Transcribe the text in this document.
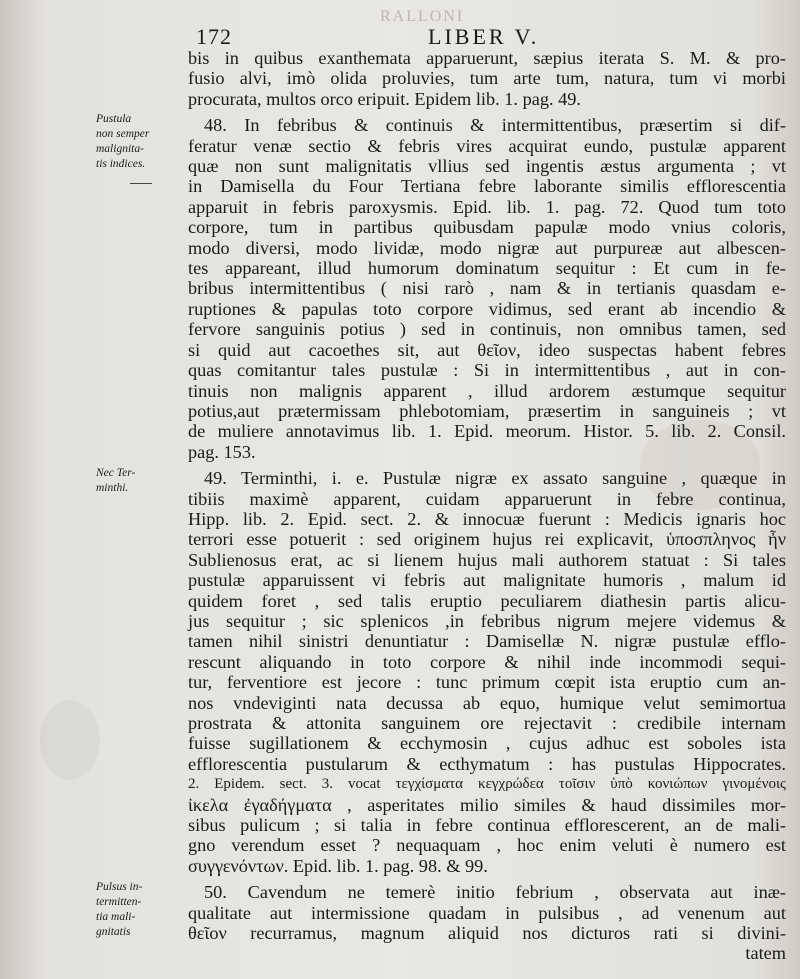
RALLONI
172	LIBER V.
Pustula
non semper
malignita-
tis indices.
Nec Ter-
minthi.
Pulsus in-
termitten-
tia mali-
gnitatis
bis in quibus exanthemata apparuerunt, sæpius iterata S. M. & pro-
fusio alvi, imò olida proluvies, tum arte tum, natura, tum vi morbi
procurata, multos orco eripuit. Epidem lib. 1. pag. 49.
48. In febribus & continuis & intermittentibus, præsertim si dif-
feratur venæ sectio & febris vires acquirat eundo, pustulæ apparent
quæ non sunt malignitatis vllius sed ingentis æstus argumenta ; vt
in Damisella du Four Tertiana febre laborante similis efflorescentia
apparuit in febris paroxysmis. Epid. lib. 1. pag. 72. Quod tum toto
corpore, tum in partibus quibusdam papulæ modo vnius coloris,
modo diversi, modo lividæ, modo nigræ aut purpureæ aut albescen-
tes appareant, illud humorum dominatum sequitur : Et cum in fe-
bribus intermittentibus ( nisi rarò , nam & in tertianis quasdam e-
ruptiones & papulas toto corpore vidimus, sed erant ab incendio &
fervore sanguinis potius ) sed in continuis, non omnibus tamen, sed
si quid aut cacoethes sit, aut θεῖον, ideo suspectas habent febres
quas comitantur tales pustulæ : Si in intermittentibus , aut in con-
tinuis non malignis apparent , illud ardorem æstumque sequitur
potius,aut prætermissam phlebotomiam, præsertim in sanguineis ; vt
de muliere annotavimus lib. 1. Epid. meorum. Histor. 5. lib. 2. Consil.
pag. 153.
49. Terminthi, i. e. Pustulæ nigræ ex assato sanguine , quæque in
tibiis maximè apparent, cuidam apparuerunt in febre continua,
Hipp. lib. 2. Epid. sect. 2. & innocuæ fuerunt : Medicis ignaris hoc
terrori esse potuerit : sed originem hujus rei explicavit, ὑποσπληνος ἦν
Sublienosus erat, ac si lienem hujus mali authorem statuat : Si tales
pustulæ apparuissent vi febris aut malignitate humoris , malum id
quidem foret , sed talis eruptio peculiarem diathesin partis alicu-
jus sequitur ; sic splenicos ,in febribus nigrum mejere videmus &
tamen nihil sinistri denuntiatur : Damisellæ N. nigræ pustulæ efflo-
rescunt aliquando in toto corpore & nihil inde incommodi sequi-
tur, ferventiore est jecore : tunc primum cœpit ista eruptio cum an-
nos vndeviginti nata decussa ab equo, humique velut semimortua
prostrata & attonita sanguinem ore rejectavit : credibile internam
fuisse sugillationem & ecchymosin , cujus adhuc est soboles ista
efflorescentia pustularum & ecthymatum : has pustulas Hippocrates.
2. Epidem. sect. 3. vocat τεγχίσματα κεγχρώδεα τοῖσιν ὑπὸ κονιώπων γινομένοις
ἰκελα ἐγαδήγματα , asperitates milio similes & haud dissimiles mor-
sibus pulicum ; si talia in febre continua efflorescerent, an de mali-
gno verendum esset ? nequaquam , hoc enim veluti è numero est
συγγενόντων. Epid. lib. 1. pag. 98. & 99.
50. Cavendum ne temerè initio febrium , observata aut inæ-
qualitate aut intermissione quadam in pulsibus , ad venenum aut
θεῖον recurramus, magnum aliquid nos dicturos rati si divini-
tatem
